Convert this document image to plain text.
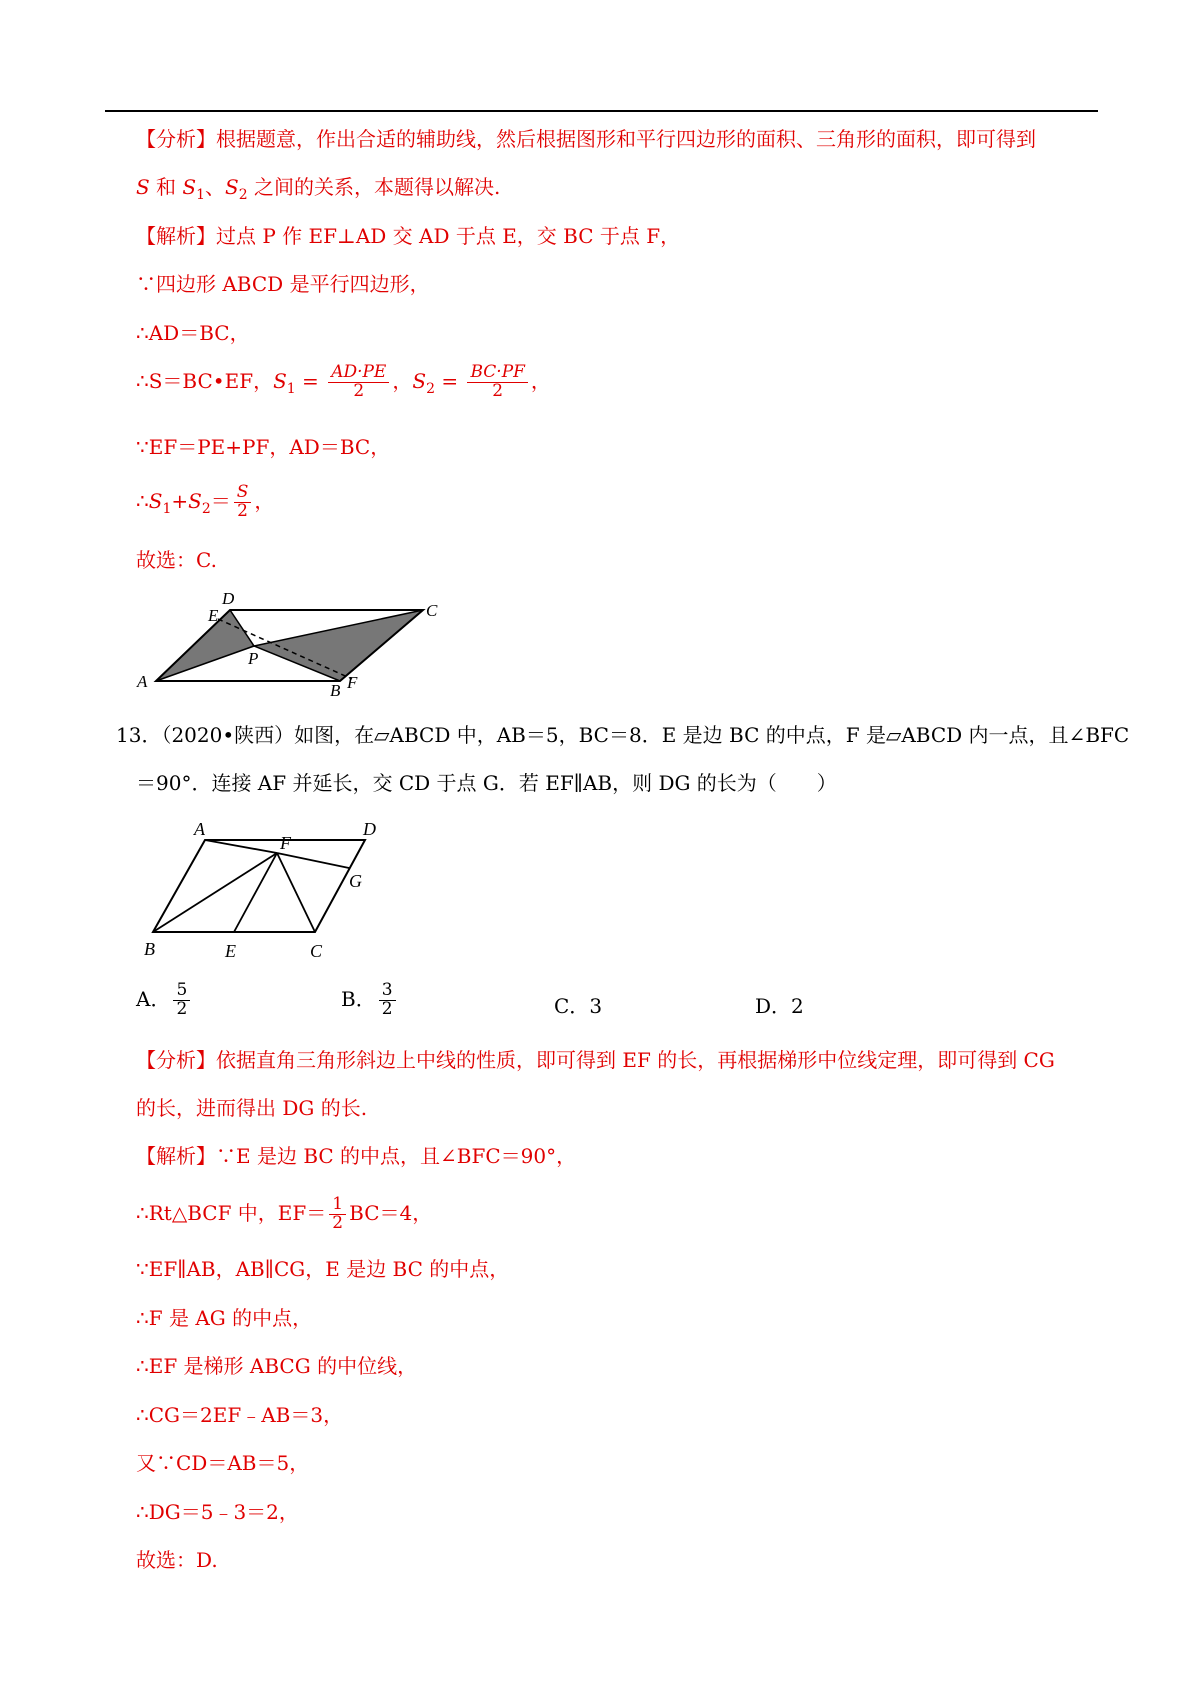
【分析】根据题意，作出合适的辅助线，然后根据图形和平行四边形的面积、三角形的面积，即可得到
S 和 $S_1$、$S_2$ 之间的关系，本题得以解决.
【解析】过点 P 作 EF⊥AD 交 AD 于点 E，交 BC 于点 F，
∵四边形 ABCD 是平行四边形，
∴AD＝BC，
∴S＝BC•EF，$S_1 = \frac{AD\cdot PE}{2}$ ，$S_2 = \frac{BC\cdot PF}{2}$ ，
∵EF＝PE+PF，AD＝BC，
$\therefore S_1+S_2= \frac{S}{2}$ ，
故选：C.
D
E	C
P
A	B F
13．（2020•陕西）如图，在▱ABCD 中，AB＝5，BC＝8．E 是边 BC 的中点，F 是▱ABCD 内一点，且∠BFC
＝90°．连接 AF 并延长，交 CD 于点 G．若 EF∥AB，则 DG 的长为（　　）
A	D
F
G
B	E	C
A． $\frac{5}{2}$	B． $\frac{3}{2}$	C．3	D．2
【分析】依据直角三角形斜边上中线的性质，即可得到 EF 的长，再根据梯形中位线定理，即可得到 CG
的长，进而得出 DG 的长.
【解析】∵E 是边 BC 的中点，且∠BFC＝90°，
∴Rt△BCF 中，$EF= \frac{1}{2} BC=4$，
∵EF∥AB，AB∥CG，E 是边 BC 的中点，
∴F 是 AG 的中点，
∴EF 是梯形 ABCG 的中位线，
∴CG＝2EF﹣AB＝3，
又∵CD＝AB＝5，
∴DG＝5﹣3＝2，
故选：D.
